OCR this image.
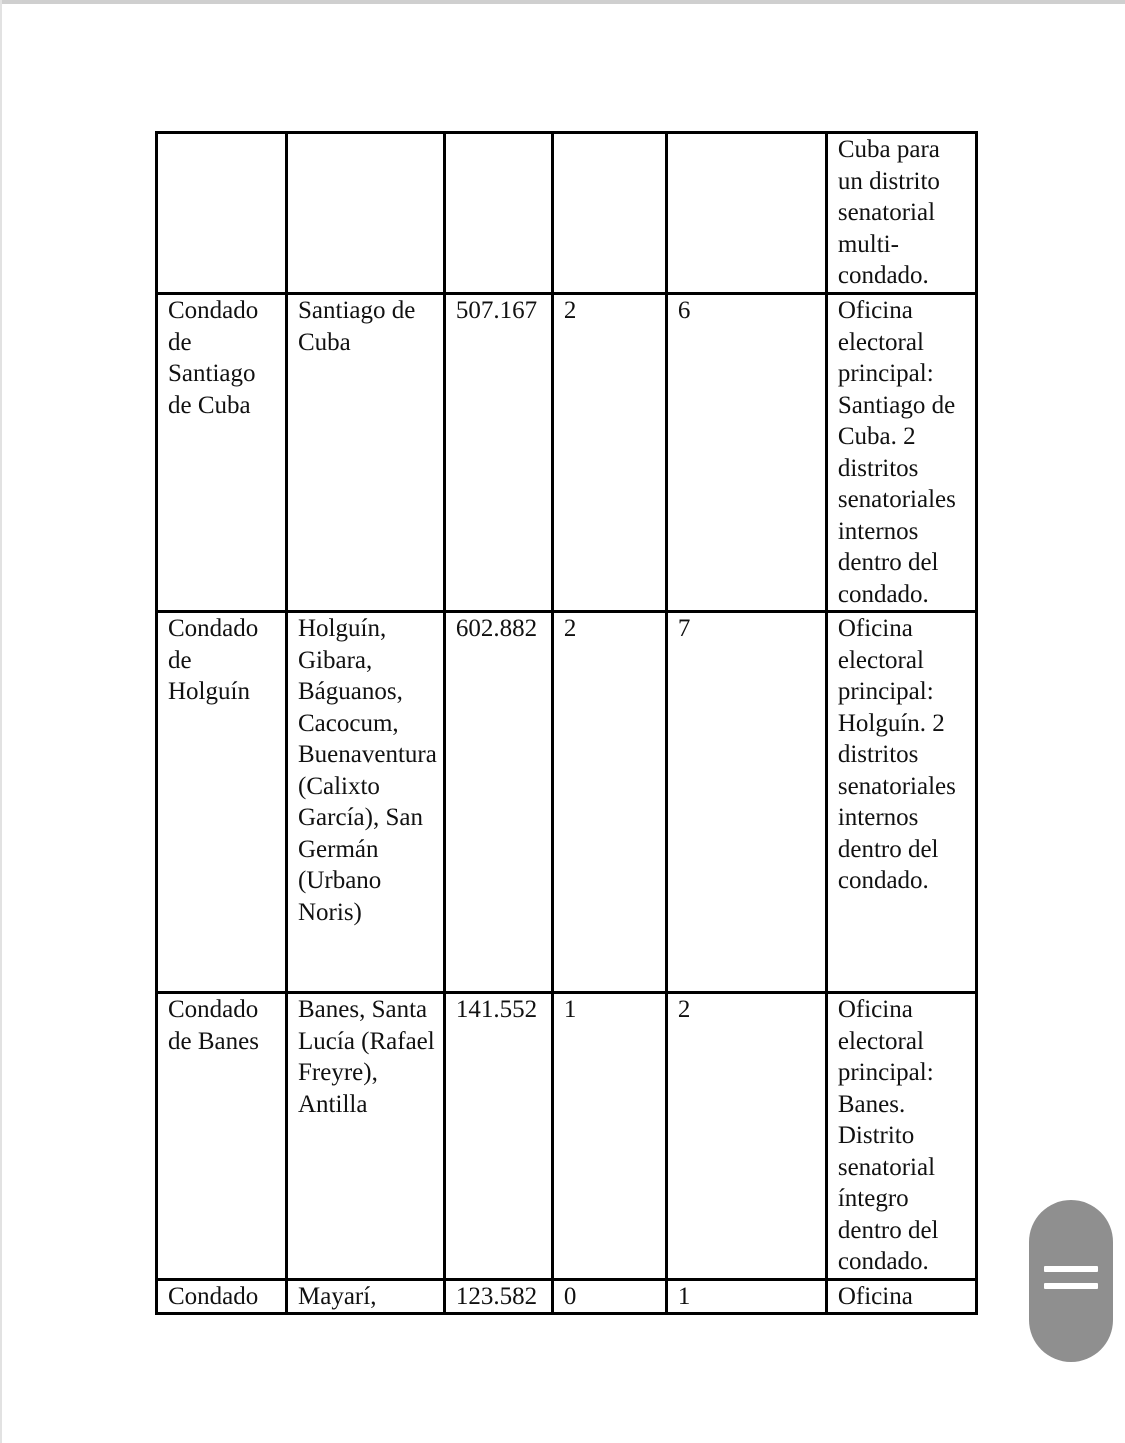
					Cuba para un distrito senatorial multi-condado.
Condado de Santiago de Cuba	Santiago de Cuba	507.167	2	6	Oficina electoral principal: Santiago de Cuba. 2 distritos senatoriales internos dentro del condado.
Condado de Holguín	Holguín, Gibara, Báguanos, Cacocum, Buenaventura (Calixto García), San Germán (Urbano Noris)	602.882	2	7	Oficina electoral principal: Holguín. 2 distritos senatoriales internos dentro del condado.
Condado de Banes	Banes, Santa Lucía (Rafael Freyre), Antilla	141.552	1	2	Oficina electoral principal: Banes. Distrito senatorial íntegro dentro del condado.
Condado	Mayarí,	123.582	0	1	Oficina
